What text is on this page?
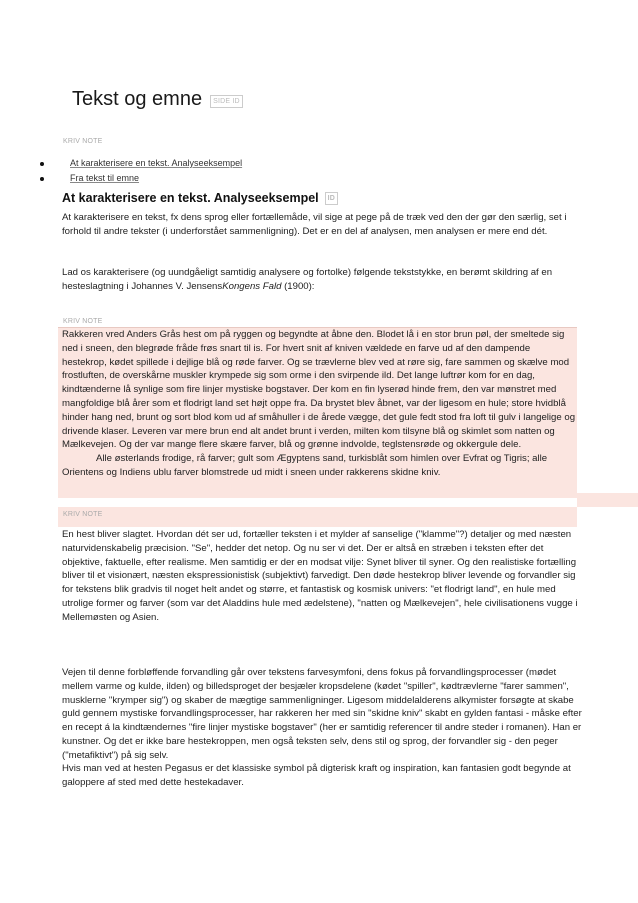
Tekst og emne	SIDE ID
KRIV NOTE
At karakterisere en tekst. Analyseeksempel
Fra tekst til emne
At karakterisere en tekst. Analyseeksempel	ID

At karakterisere en tekst, fx dens sprog eller fortællemåde, vil sige at pege på de træk ved den der gør den særlig, set i forhold til andre tekster (i underforstået sammenligning). Det er en del af analysen, men analysen er mere end dét.

Lad os karakterisere (og uundgåeligt samtidig analysere og fortolke) følgende tekststykke, en berømt skildring af en hesteslagtning i Johannes V. JensensKongens Fald (1900):

KRIV NOTE
Rakkeren vred Anders Grås hest om på ryggen og begyndte at åbne den. Blodet lå i en stor brun pøl, der smeltede sig ned i sneen, den blegrøde fråde frøs snart til is. For hvert snit af kniven vældede en farve ud af den dampende hestekrop, kødet spillede i dejlige blå og røde farver. Og se trævlerne blev ved at røre sig, fare sammen og skælve mod frostluften, de overskårne muskler krympede sig som orme i den svirpende ild. Det lange luftrør kom for en dag, kindtænderne lå synlige som fire linjer mystiske bogstaver. Der kom en fin lyserød hinde frem, den var mønstret med mangfoldige blå årer som et flodrigt land set højt oppe fra. Da brystet blev åbnet, var der ligesom en hule; store hvidblå hinder hang ned, brunt og sort blod kom ud af småhuller i de årede vægge, det gule fedt stod fra loft til gulv i langelige og drivende klaser. Leveren var mere brun end alt andet brunt i verden, milten kom tilsyne blå og skimlet som natten og Mælkevejen. Og der var mange flere skære farver, blå og grønne indvolde, teglstensrøde og okkergule dele.
Alle østerlands frodige, rå farver; gult som Ægyptens sand, turkisblåt som himlen over Evfrat og Tigris; alle Orientens og Indiens ublu farver blomstrede ud midt i sneen under rakkerens skidne kniv.
KRIV NOTE

En hest bliver slagtet. Hvordan dét ser ud, fortæller teksten i et mylder af sanselige ("klamme"?) detaljer og med næsten naturvidenskabelig præcision. "Se", hedder det netop. Og nu ser vi det. Der er altså en stræben i teksten efter det objektive, faktuelle, efter realisme. Men samtidig er der en modsat vilje: Synet bliver til syner. Og den realistiske fortælling bliver til et visionært, næsten ekspressionistisk (subjektivt) farvedigt. Den døde hestekrop bliver levende og forvandler sig for tekstens blik gradvis til noget helt andet og større, et fantastisk og kosmisk univers: "et flodrigt land", en hule med utrolige former og farver (som var det Aladdins hule med ædelstene), "natten og Mælkevejen", hele civilisationens vugge i Mellemøsten og Asien.

Vejen til denne forbløffende forvandling går over tekstens farvesymfoni, dens fokus på forvandlingsprocesser (mødet mellem varme og kulde, ilden) og billedsproget der besjæler kropsdelene (kødet "spiller", kødtrævlerne "farer sammen", musklerne "krymper sig") og skaber de mægtige sammenligninger. Ligesom middelalderens alkymister forsøgte at skabe guld gennem mystiske forvandlingsprocesser, har rakkeren her med sin "skidne kniv" skabt en gylden fantasi - måske efter en recept á la kindtændernes "fire linjer mystiske bogstaver" (her er samtidig referencer til andre steder i romanen). Han er kunstner. Og det er ikke bare hestekroppen, men også teksten selv, dens stil og sprog, der forvandler sig - den peger ("metafiktivt") på sig selv.

Hvis man ved at hesten Pegasus er det klassiske symbol på digterisk kraft og inspiration, kan fantasien godt begynde at galoppere af sted med dette hestekadaver.
